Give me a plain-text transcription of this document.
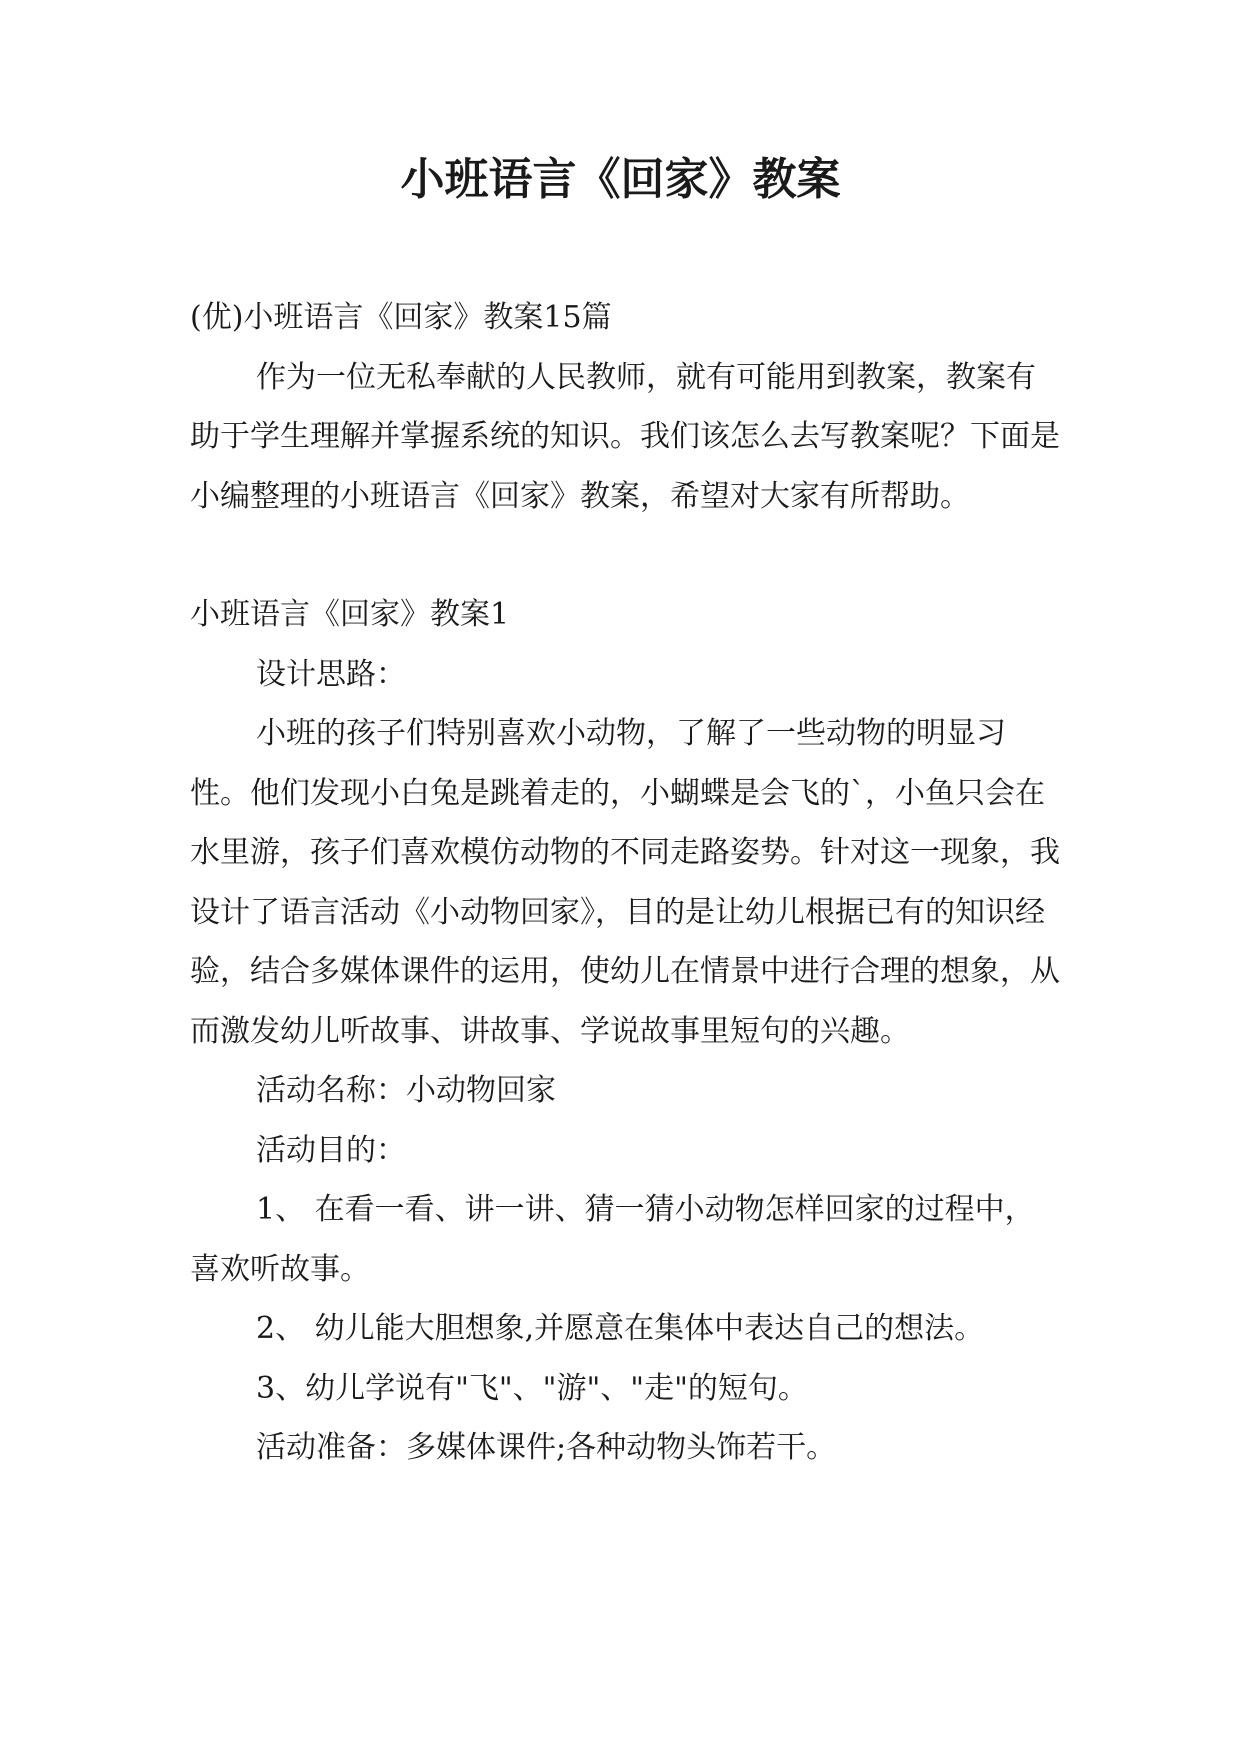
小班语言《回家》教案

(优)小班语言《回家》教案15篇

作为一位无私奉献的人民教师，就有可能用到教案，教案有助于学生理解并掌握系统的知识。我们该怎么去写教案呢？下面是小编整理的小班语言《回家》教案，希望对大家有所帮助。

小班语言《回家》教案1

设计思路：

小班的孩子们特别喜欢小动物，了解了一些动物的明显习性。他们发现小白兔是跳着走的，小蝴蝶是会飞的`，小鱼只会在水里游，孩子们喜欢模仿动物的不同走路姿势。针对这一现象，我设计了语言活动《小动物回家》，目的是让幼儿根据已有的知识经验，结合多媒体课件的运用，使幼儿在情景中进行合理的想象，从而激发幼儿听故事、讲故事、学说故事里短句的兴趣。

活动名称：小动物回家

活动目的：

1、 在看一看、讲一讲、猜一猜小动物怎样回家的过程中，喜欢听故事。

2、 幼儿能大胆想象,并愿意在集体中表达自己的想法。

3、幼儿学说有"飞"、"游"、"走"的短句。

活动准备：多媒体课件;各种动物头饰若干。
